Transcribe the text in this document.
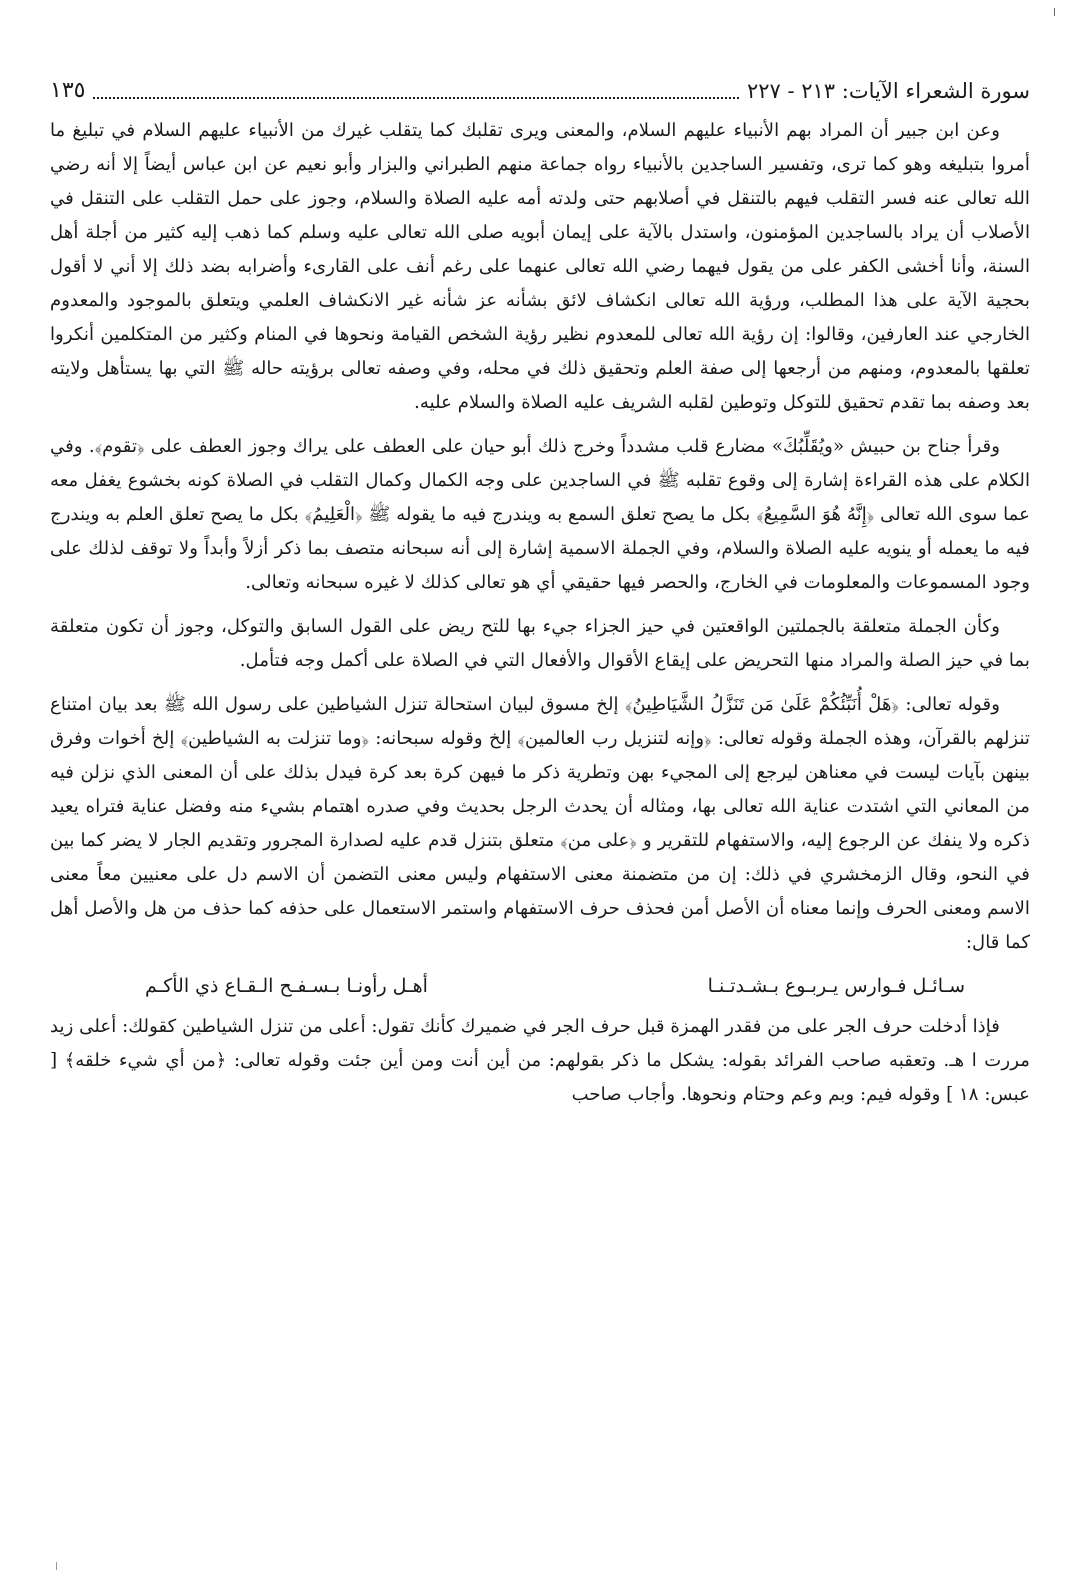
سورة الشعراء الآيات: ٢١٣ - ٢٢٧
١٣٥

وعن ابن جبير أن المراد بهم الأنبياء عليهم السلام، والمعنى ويرى تقلبك كما يتقلب غيرك من الأنبياء عليهم السلام في تبليغ ما أمروا بتبليغه وهو كما ترى، وتفسير الساجدين بالأنبياء رواه جماعة منهم الطبراني والبزار وأبو نعيم عن ابن عباس أيضاً إلا أنه رضي الله تعالى عنه فسر التقلب فيهم بالتنقل في أصلابهم حتى ولدته أمه عليه الصلاة والسلام، وجوز على حمل التقلب على التنقل في الأصلاب أن يراد بالساجدين المؤمنون، واستدل بالآية على إيمان أبويه صلى الله تعالى عليه وسلم كما ذهب إليه كثير من أجلة أهل السنة، وأنا أخشى الكفر على من يقول فيهما رضي الله تعالى عنهما على رغم أنف على القارىء وأضرابه بضد ذلك إلا أني لا أقول بحجية الآية على هذا المطلب، ورؤية الله تعالى انكشاف لائق بشأنه عز شأنه غير الانكشاف العلمي ويتعلق بالموجود والمعدوم الخارجي عند العارفين، وقالوا: إن رؤية الله تعالى للمعدوم نظير رؤية الشخص القيامة ونحوها في المنام وكثير من المتكلمين أنكروا تعلقها بالمعدوم، ومنهم من أرجعها إلى صفة العلم وتحقيق ذلك في محله، وفي وصفه تعالى برؤيته حاله ﷺ التي بها يستأهل ولايته بعد وصفه بما تقدم تحقيق للتوكل وتوطين لقلبه الشريف عليه الصلاة والسلام عليه.

وقرأ جناح بن حبيش «ويُقَلِّبُكَ» مضارع قلب مشدداً وخرج ذلك أبو حيان على العطف على يراك وجوز العطف على ﴿تقوم﴾. وفي الكلام على هذه القراءة إشارة إلى وقوع تقلبه ﷺ في الساجدين على وجه الكمال وكمال التقلب في الصلاة كونه بخشوع يغفل معه عما سوى الله تعالى ﴿إِنَّهُ هُوَ السَّمِيعُ﴾ بكل ما يصح تعلق السمع به ويندرج فيه ما يقوله ﷺ ﴿الْعَلِيمُ﴾ بكل ما يصح تعلق العلم به ويندرج فيه ما يعمله أو ينويه عليه الصلاة والسلام، وفي الجملة الاسمية إشارة إلى أنه سبحانه متصف بما ذكر أزلاً وأبداً ولا توقف لذلك على وجود المسموعات والمعلومات في الخارج، والحصر فيها حقيقي أي هو تعالى كذلك لا غيره سبحانه وتعالى.

وكأن الجملة متعلقة بالجملتين الواقعتين في حيز الجزاء جيء بها للتح ريض على القول السابق والتوكل، وجوز أن تكون متعلقة بما في حيز الصلة والمراد منها التحريض على إيقاع الأقوال والأفعال التي في الصلاة على أكمل وجه فتأمل.

وقوله تعالى: ﴿هَلْ أُنَبِّئُكُمْ عَلَىٰ مَن تَنَزَّلُ الشَّيَاطِينُ﴾ إلخ مسوق لبيان استحالة تنزل الشياطين على رسول الله ﷺ بعد بيان امتناع تنزلهم بالقرآن، وهذه الجملة وقوله تعالى: ﴿وإنه لتنزيل رب العالمين﴾ إلخ وقوله سبحانه: ﴿وما تنزلت به الشياطين﴾ إلخ أخوات وفرق بينهن بآيات ليست في معناهن ليرجع إلى المجيء بهن وتطرية ذكر ما فيهن كرة بعد كرة فيدل بذلك على أن المعنى الذي نزلن فيه من المعاني التي اشتدت عناية الله تعالى بها، ومثاله أن يحدث الرجل بحديث وفي صدره اهتمام بشيء منه وفضل عناية فتراه يعيد ذكره ولا ينفك عن الرجوع إليه، والاستفهام للتقرير و ﴿على من﴾ متعلق بتنزل قدم عليه لصدارة المجرور وتقديم الجار لا يضر كما بين في النحو، وقال الزمخشري في ذلك: إن من متضمنة معنى الاستفهام وليس معنى التضمن أن الاسم دل على معنيين معاً معنى الاسم ومعنى الحرف وإنما معناه أن الأصل أمن فحذف حرف الاستفهام واستمر الاستعمال على حذفه كما حذف من هل والأصل أهل كما قال:

سـائـل فـوارس يـربـوع بـشـدتـنـا
أهـل رأونـا بـسـفـح الـقـاع ذي الأكـم

فإذا أدخلت حرف الجر على من فقدر الهمزة قبل حرف الجر في ضميرك كأنك تقول: أعلى من تنزل الشياطين كقولك: أعلى زيد مررت ا هـ. وتعقبه صاحب الفرائد بقوله: يشكل ما ذكر بقولهم: من أين أنت ومن أين جئت وقوله تعالى: ﴿من أي شيء خلقه﴾ [ عبس: ١٨ ] وقوله فيم: وبم وعم وحتام ونحوها. وأجاب صاحب
